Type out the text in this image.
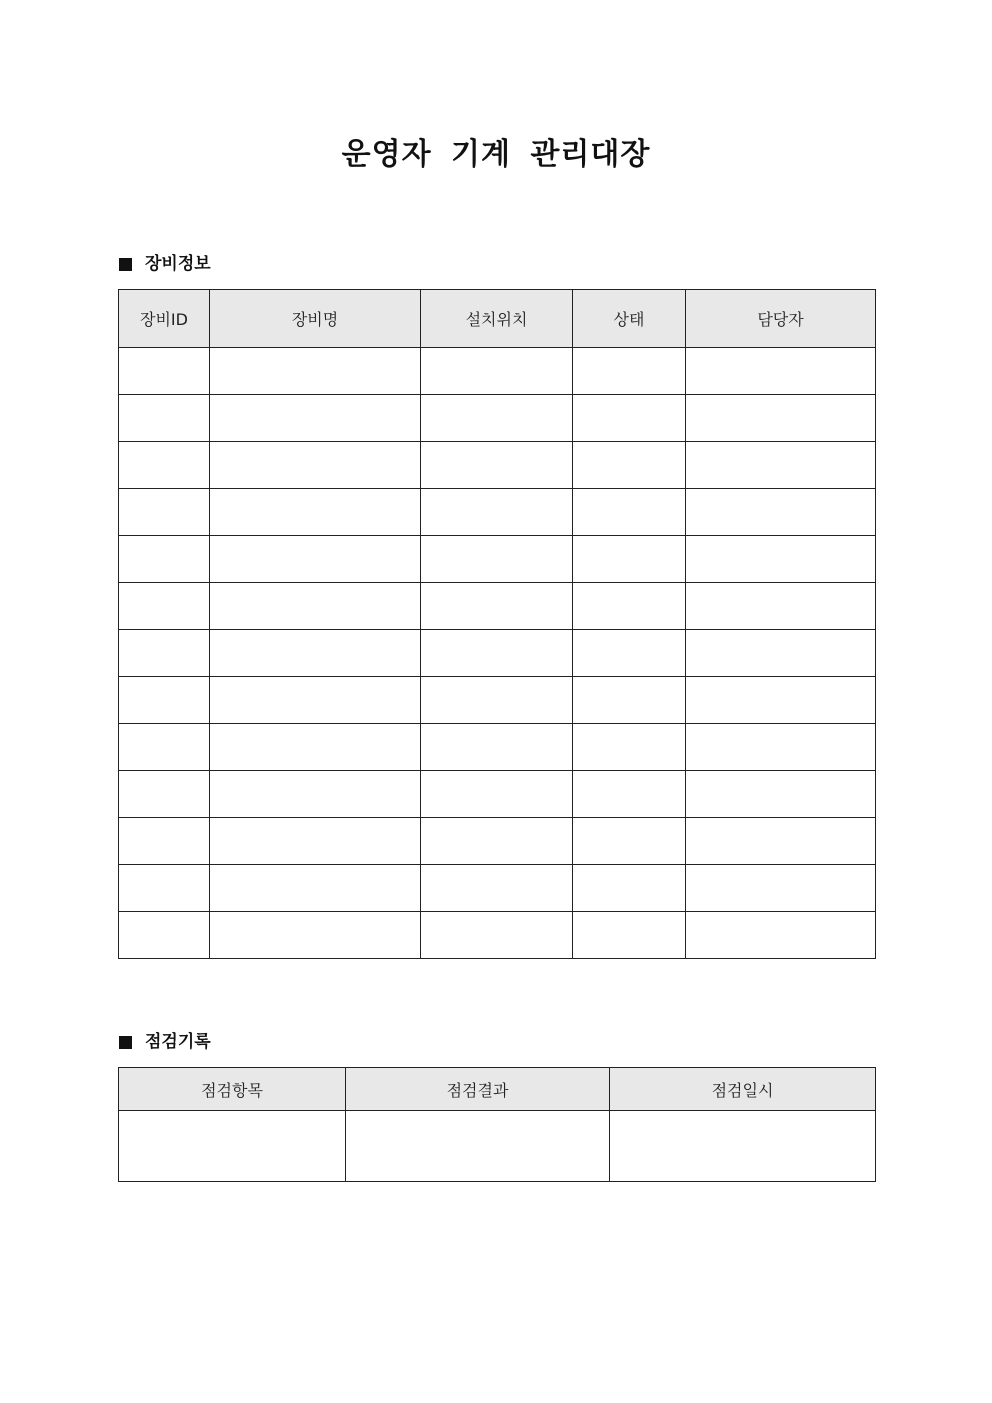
운영자 기계 관리대장
장비정보
장비ID	장비명	설치위치	상태	담당자

점검기록
점검항목	점검결과	점검일시
